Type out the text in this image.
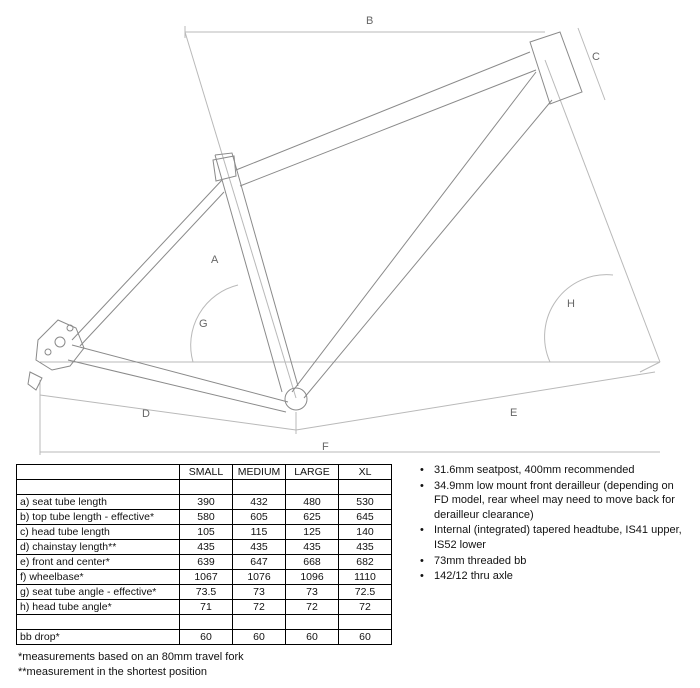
B
C
A
G
H
D	E
F
	SMALL	MEDIUM	LARGE	XL

a) seat tube length	390	432	480	530
b) top tube length - effective*	580	605	625	645
c) head tube length	105	115	125	140
d) chainstay length**	435	435	435	435
e) front and center*	639	647	668	682
f) wheelbase*	1067	1076	1096	1110
g) seat tube angle - effective*	73.5	73	73	72.5
h) head tube angle*	71	72	72	72

bb drop*	60	60	60	60
*measurements based on an 80mm travel fork
**measurement in the shortest position
• 31.6mm seatpost, 400mm recommended
• 34.9mm low mount front derailleur (depending on FD model, rear wheel may need to move back for derailleur clearance)
• Internal (integrated) tapered headtube, IS41 upper, IS52 lower
• 73mm threaded bb
• 142/12 thru axle
